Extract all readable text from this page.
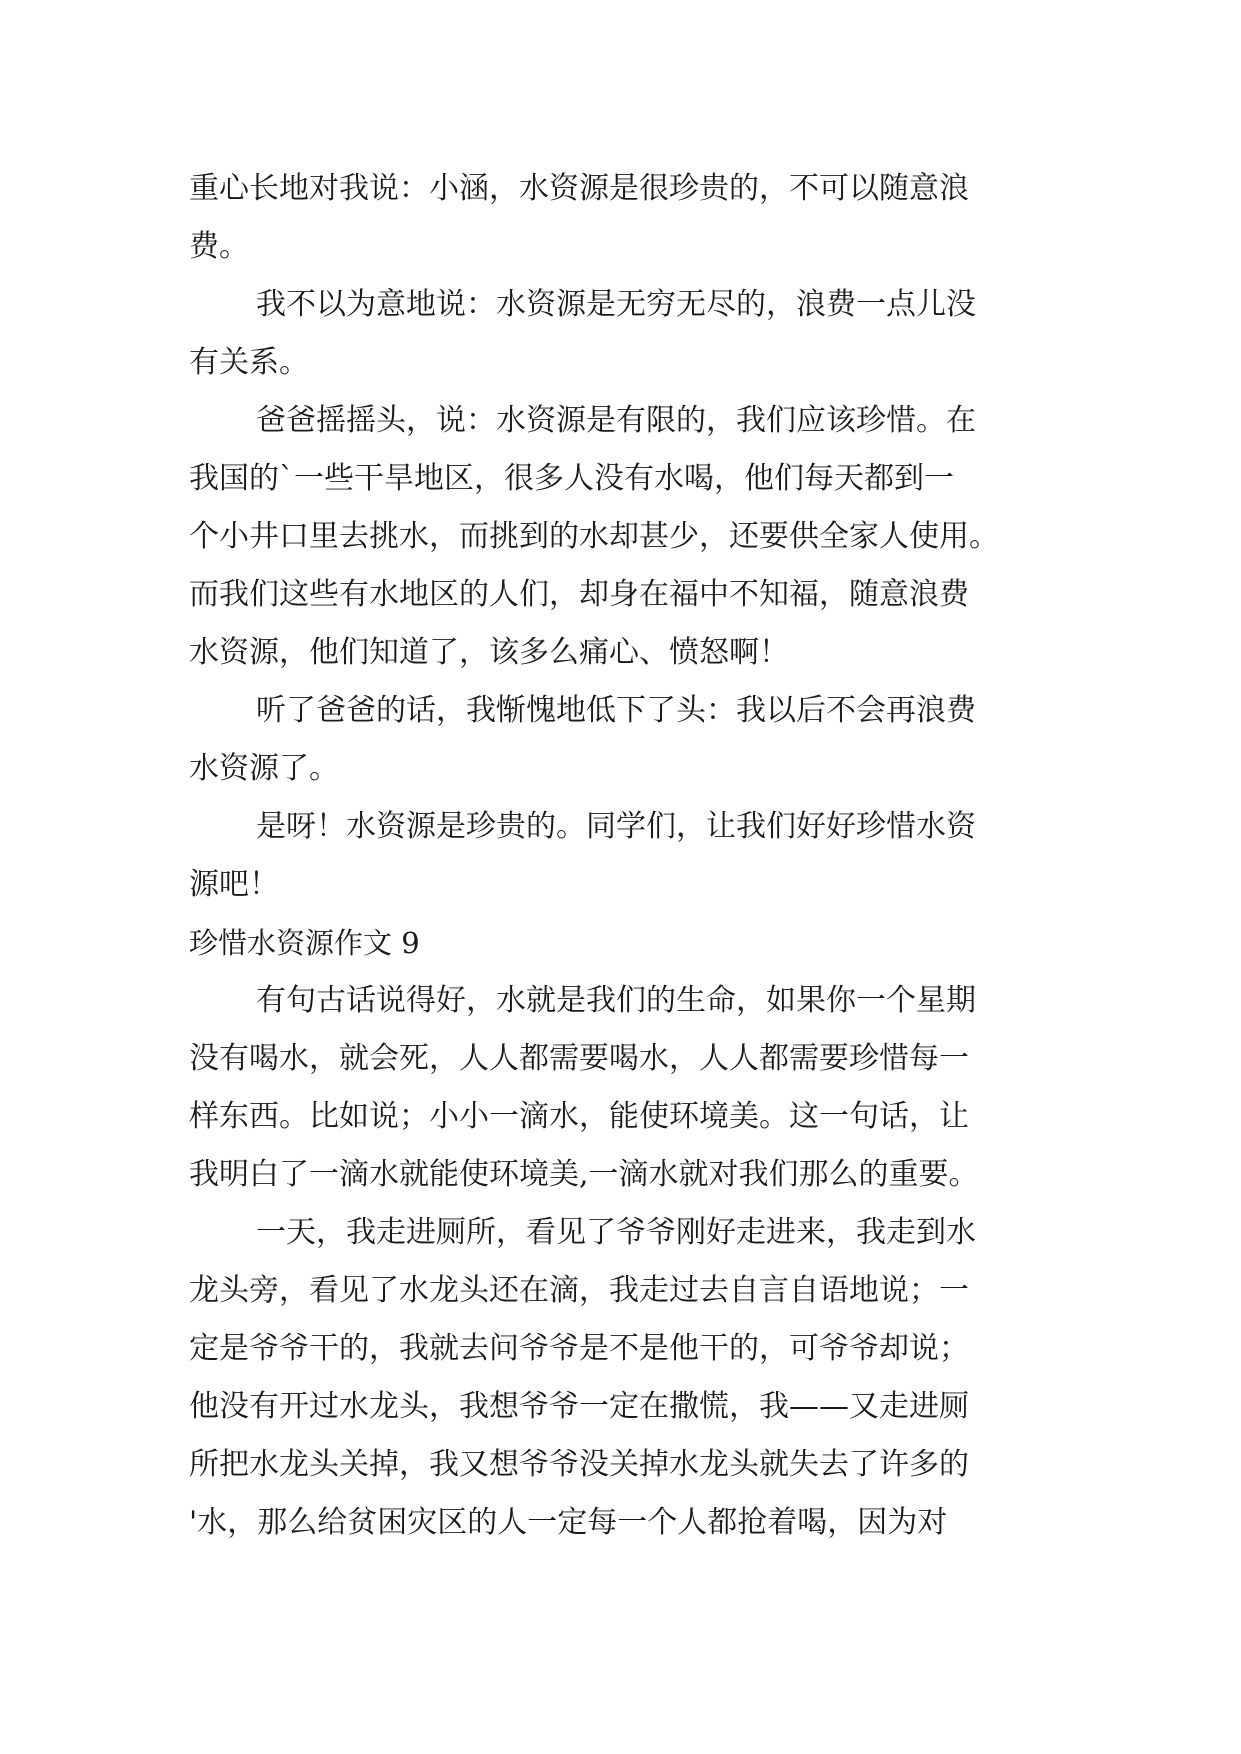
重心长地对我说：小涵，水资源是很珍贵的，不可以随意浪
费。
我不以为意地说：水资源是无穷无尽的，浪费一点儿没
有关系。
爸爸摇摇头，说：水资源是有限的，我们应该珍惜。在
我国的`一些干旱地区，很多人没有水喝，他们每天都到一
个小井口里去挑水，而挑到的水却甚少，还要供全家人使用。
而我们这些有水地区的人们，却身在福中不知福，随意浪费
水资源，他们知道了，该多么痛心、愤怒啊！
听了爸爸的话，我惭愧地低下了头：我以后不会再浪费
水资源了。
是呀！水资源是珍贵的。同学们，让我们好好珍惜水资
源吧！
珍惜水资源作文 9
有句古话说得好，水就是我们的生命，如果你一个星期
没有喝水，就会死，人人都需要喝水，人人都需要珍惜每一
样东西。比如说；小小一滴水，能使环境美。这一句话，让
我明白了一滴水就能使环境美,一滴水就对我们那么的重要。
一天，我走进厕所，看见了爷爷刚好走进来，我走到水
龙头旁，看见了水龙头还在滴，我走过去自言自语地说；一
定是爷爷干的，我就去问爷爷是不是他干的，可爷爷却说；
他没有开过水龙头，我想爷爷一定在撒慌，我——又走进厕
所把水龙头关掉，我又想爷爷没关掉水龙头就失去了许多的
'水，那么给贫困灾区的人一定每一个人都抢着喝，因为对
